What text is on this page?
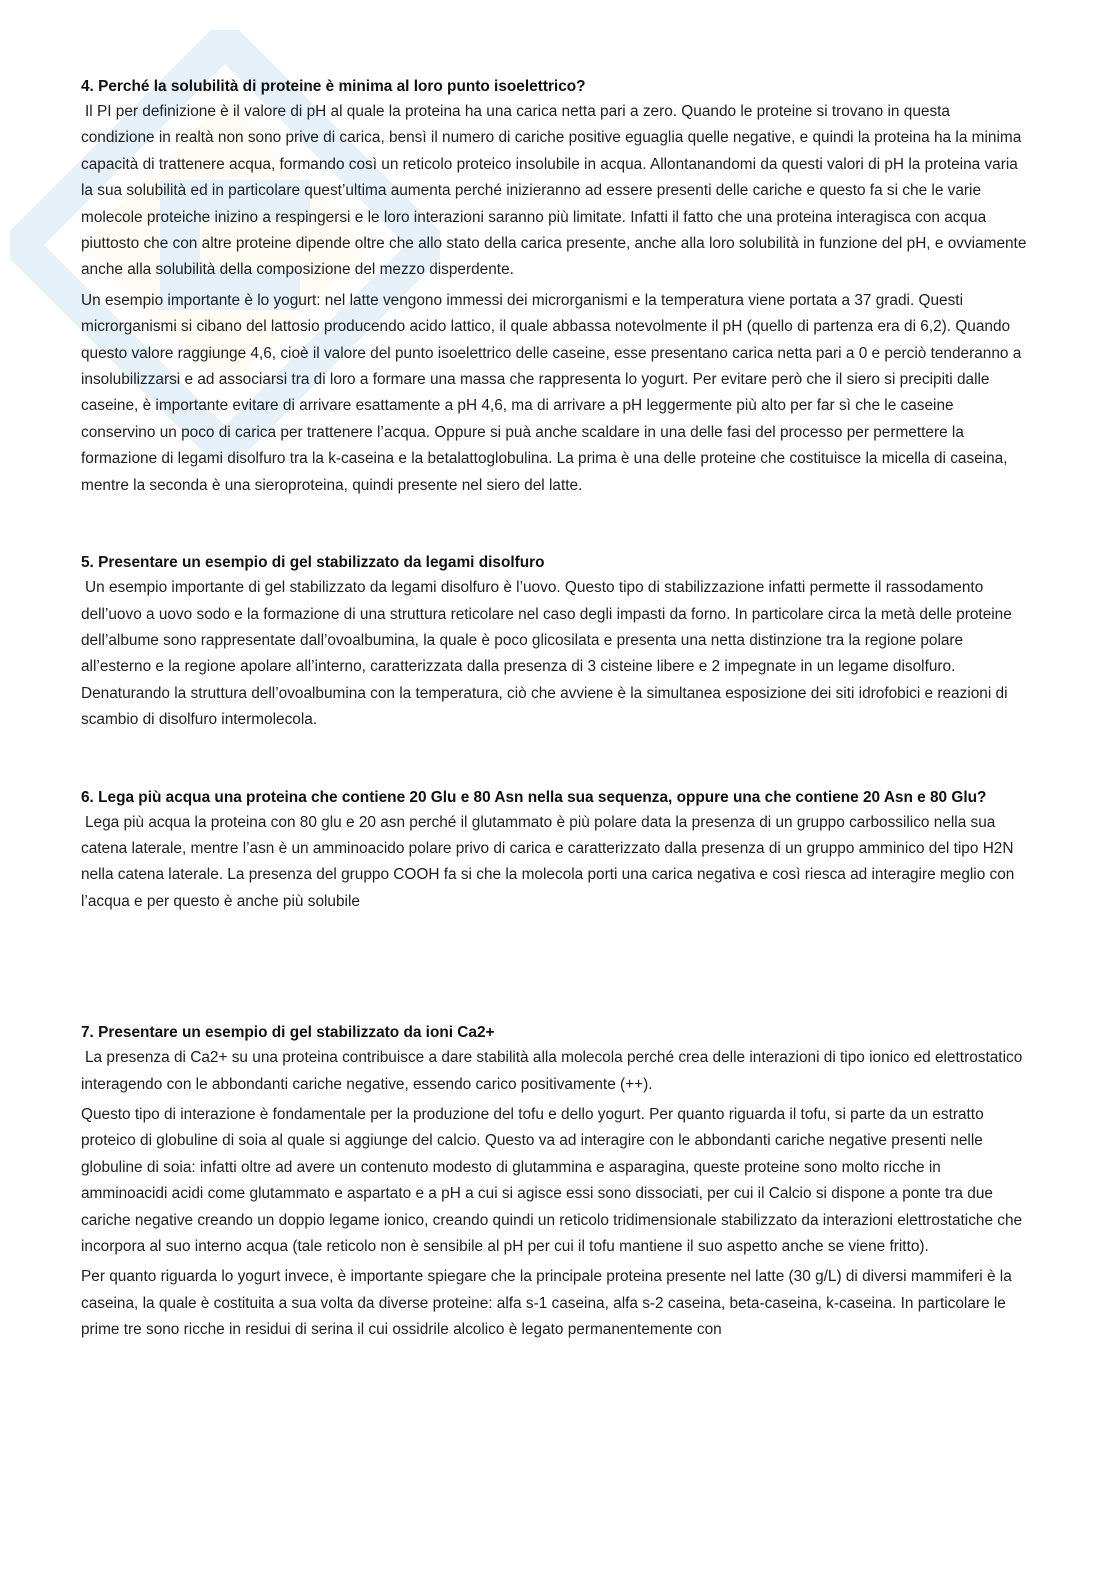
4. Perché la solubilità di proteine è minima al loro punto isoelettrico?

Il PI per definizione è il valore di pH al quale la proteina ha una carica netta pari a zero. Quando le proteine si trovano in questa condizione in realtà non sono prive di carica, bensì il numero di cariche positive eguaglia quelle negative, e quindi la proteina ha la minima capacità di trattenere acqua, formando così un reticolo proteico insolubile in acqua. Allontanandomi da questi valori di pH la proteina varia la sua solubilità ed in particolare quest’ultima aumenta perché inizieranno ad essere presenti delle cariche e questo fa si che le varie molecole proteiche inizino a respingersi e le loro interazioni saranno più limitate. Infatti il fatto che una proteina interagisca con acqua piuttosto che con altre proteine dipende oltre che allo stato della carica presente, anche alla loro solubilità in funzione del pH, e ovviamente anche alla solubilità della composizione del mezzo disperdente.

Un esempio importante è lo yogurt: nel latte vengono immessi dei microrganismi e la temperatura viene portata a 37 gradi. Questi microrganismi si cibano del lattosio producendo acido lattico, il quale abbassa notevolmente il pH (quello di partenza era di 6,2). Quando questo valore raggiunge 4,6, cioè il valore del punto isoelettrico delle caseine, esse presentano carica netta pari a 0 e perciò tenderanno a insolubilizzarsi e ad associarsi tra di loro a formare una massa che rappresenta lo yogurt. Per evitare però che il siero si precipiti dalle caseine, è importante evitare di arrivare esattamente a pH 4,6, ma di arrivare a pH leggermente più alto per far sì che le caseine conservino un poco di carica per trattenere l’acqua. Oppure si puà anche scaldare in una delle fasi del processo per permettere la formazione di legami disolfuro tra la k-caseina e la betalattoglobulina. La prima è una delle proteine che costituisce la micella di caseina, mentre la seconda è una sieroproteina, quindi presente nel siero del latte.

5. Presentare un esempio di gel stabilizzato da legami disolfuro

Un esempio importante di gel stabilizzato da legami disolfuro è l’uovo. Questo tipo di stabilizzazione infatti permette il rassodamento dell’uovo a uovo sodo e la formazione di una struttura reticolare nel caso degli impasti da forno. In particolare circa la metà delle proteine dell’albume sono rappresentate dall’ovoalbumina, la quale è poco glicosilata e presenta una netta distinzione tra la regione polare all’esterno e la regione apolare all’interno, caratterizzata dalla presenza di 3 cisteine libere e 2 impegnate in un legame disolfuro. Denaturando la struttura dell’ovoalbumina con la temperatura, ciò che avviene è la simultanea esposizione dei siti idrofobici e reazioni di scambio di disolfuro intermolecola.

6. Lega più acqua una proteina che contiene 20 Glu e 80 Asn nella sua sequenza, oppure una che contiene 20 Asn e 80 Glu?

Lega più acqua la proteina con 80 glu e 20 asn perché il glutammato è più polare data la presenza di un gruppo carbossilico nella sua catena laterale, mentre l’asn è un amminoacido polare privo di carica e caratterizzato dalla presenza di un gruppo amminico del tipo H2N nella catena laterale. La presenza del gruppo COOH fa si che la molecola porti una carica negativa e così riesca ad interagire meglio con l’acqua e per questo è anche più solubile

7. Presentare un esempio di gel stabilizzato da ioni Ca2+

La presenza di Ca2+ su una proteina contribuisce a dare stabilità alla molecola perché crea delle interazioni di tipo ionico ed elettrostatico interagendo con le abbondanti cariche negative, essendo carico positivamente (++).

Questo tipo di interazione è fondamentale per la produzione del tofu e dello yogurt. Per quanto riguarda il tofu, si parte da un estratto proteico di globuline di soia al quale si aggiunge del calcio. Questo va ad interagire con le abbondanti cariche negative presenti nelle globuline di soia: infatti oltre ad avere un contenuto modesto di glutammina e asparagina, queste proteine sono molto ricche in amminoacidi acidi come glutammato e aspartato e a pH a cui si agisce essi sono dissociati, per cui il Calcio si dispone a ponte tra due cariche negative creando un doppio legame ionico, creando quindi un reticolo tridimensionale stabilizzato da interazioni elettrostatiche che incorpora al suo interno acqua (tale reticolo non è sensibile al pH per cui il tofu mantiene il suo aspetto anche se viene fritto).

Per quanto riguarda lo yogurt invece, è importante spiegare che la principale proteina presente nel latte (30 g/L) di diversi mammiferi è la caseina, la quale è costituita a sua volta da diverse proteine: alfa s-1 caseina, alfa s-2 caseina, beta-caseina, k-caseina. In particolare le prime tre sono ricche in residui di serina il cui ossidrile alcolico è legato permanentemente con
